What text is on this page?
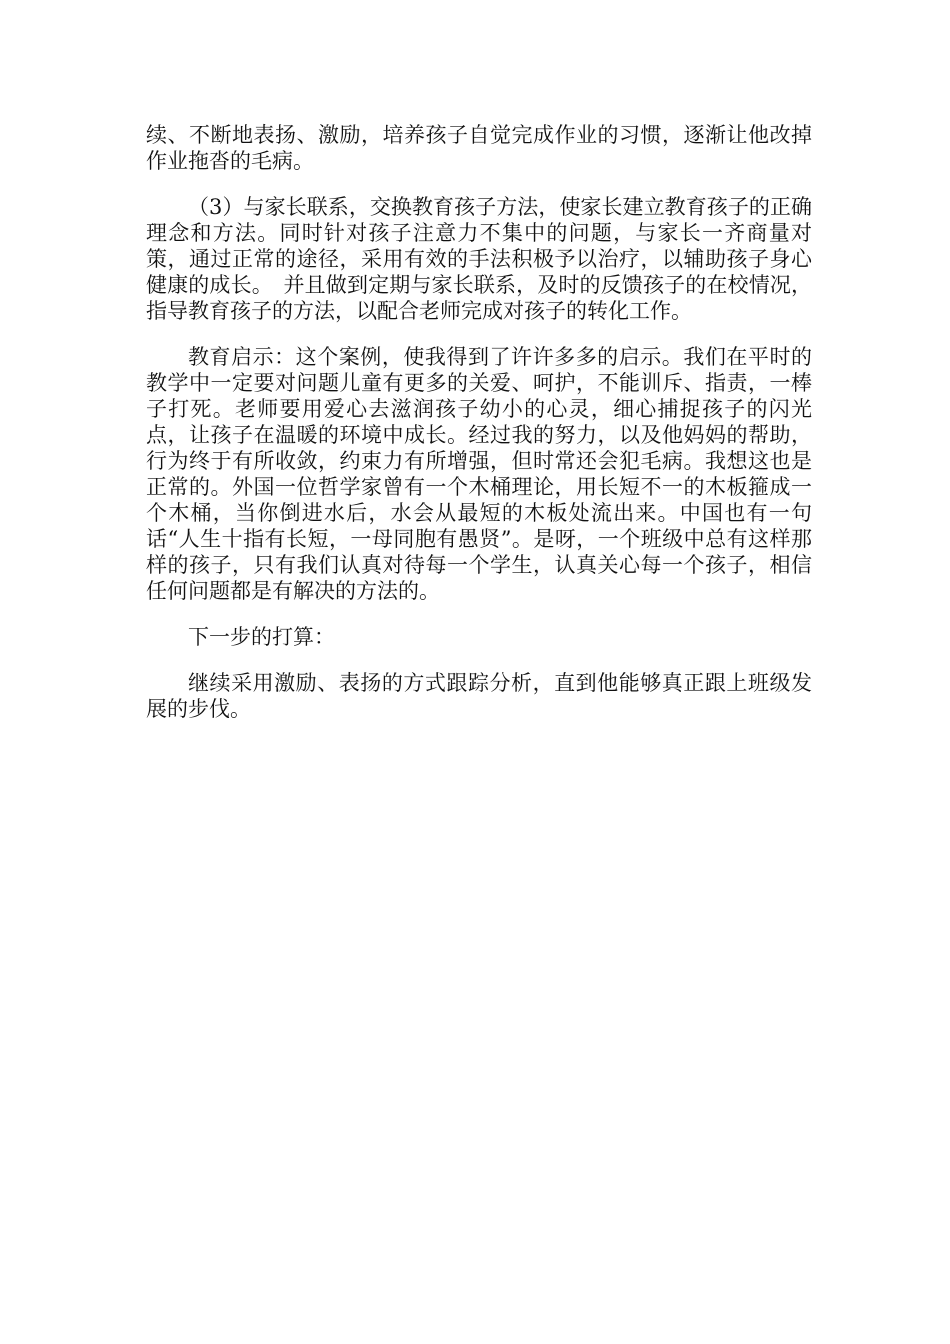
续、不断地表扬、激励，培养孩子自觉完成作业的习惯，逐渐让他改掉作业拖沓的毛病。

（3）与家长联系，交换教育孩子方法，使家长建立教育孩子的正确理念和方法。同时针对孩子注意力不集中的问题，与家长一齐商量对策，通过正常的途径，采用有效的手法积极予以治疗，以辅助孩子身心健康的成长。　并且做到定期与家长联系，及时的反馈孩子的在校情况，指导教育孩子的方法，以配合老师完成对孩子的转化工作。

教育启示：这个案例，使我得到了许许多多的启示。我们在平时的教学中一定要对问题儿童有更多的关爱、呵护，不能训斥、指责，一棒子打死。老师要用爱心去滋润孩子幼小的心灵，细心捕捉孩子的闪光点，让孩子在温暖的环境中成长。经过我的努力，以及他妈妈的帮助，行为终于有所收敛，约束力有所增强，但时常还会犯毛病。我想这也是正常的。外国一位哲学家曾有一个木桶理论，用长短不一的木板箍成一个木桶，当你倒进水后，水会从最短的木板处流出来。中国也有一句话“人生十指有长短，一母同胞有愚贤”。是呀，一个班级中总有这样那样的孩子，只有我们认真对待每一个学生，认真关心每一个孩子，相信任何问题都是有解决的方法的。

下一步的打算：

继续采用激励、表扬的方式跟踪分析，直到他能够真正跟上班级发展的步伐。
